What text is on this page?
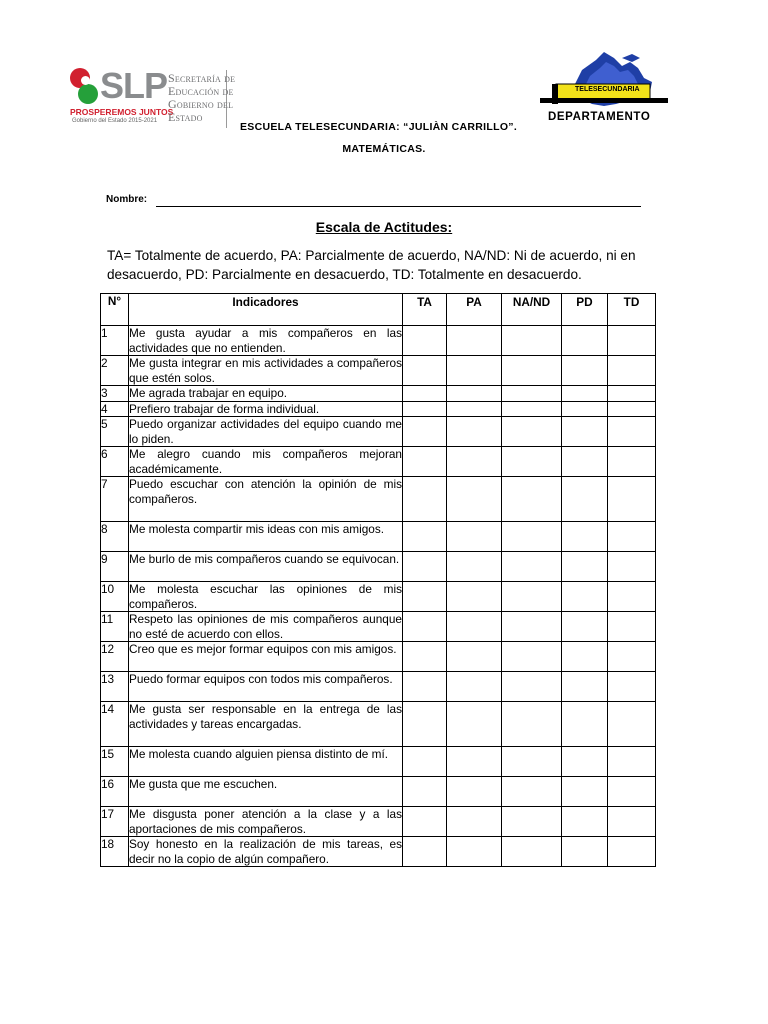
SLP
PROSPEREMOS JUNTOS
Gobierno del Estado 2015-2021
Secretaría de Educación de Gobierno del Estado
TELESECUNDARIA
DEPARTAMENTO
ESCUELA TELESECUNDARIA: “JULIÀN CARRILLO”.
MATEMÁTICAS.
Nombre:
Escala de Actitudes:
TA= Totalmente de acuerdo, PA: Parcialmente de acuerdo, NA/ND: Ni de acuerdo, ni en desacuerdo, PD: Parcialmente en desacuerdo, TD: Totalmente en desacuerdo.
N°	Indicadores	TA	PA	NA/ND	PD	TD
1	Me gusta ayudar a mis compañeros en las actividades que no entienden.					
2	Me gusta integrar en mis actividades a compañeros que estén solos.					
3	Me agrada trabajar en equipo.					
4	Prefiero trabajar de forma individual.					
5	Puedo organizar actividades del equipo cuando me lo piden.					
6	Me alegro cuando mis compañeros mejoran académicamente.					
7	Puedo escuchar con atención la opinión de mis compañeros.					
8	Me molesta compartir mis ideas con mis amigos.					
9	Me burlo de mis compañeros cuando se equivocan.					
10	Me molesta escuchar las opiniones de mis compañeros.					
11	Respeto las opiniones de mis compañeros aunque no esté de acuerdo con ellos.					
12	Creo que es mejor formar equipos con mis amigos.					
13	Puedo formar equipos con todos mis compañeros.					
14	Me gusta ser responsable en la entrega de las actividades y tareas encargadas.					
15	Me molesta cuando alguien piensa distinto de mí.					
16	Me gusta que me escuchen.					
17	Me disgusta poner atención a la clase y a las aportaciones de mis compañeros.					
18	Soy honesto en la realización de mis tareas, es decir no la copio de algún compañero.					
